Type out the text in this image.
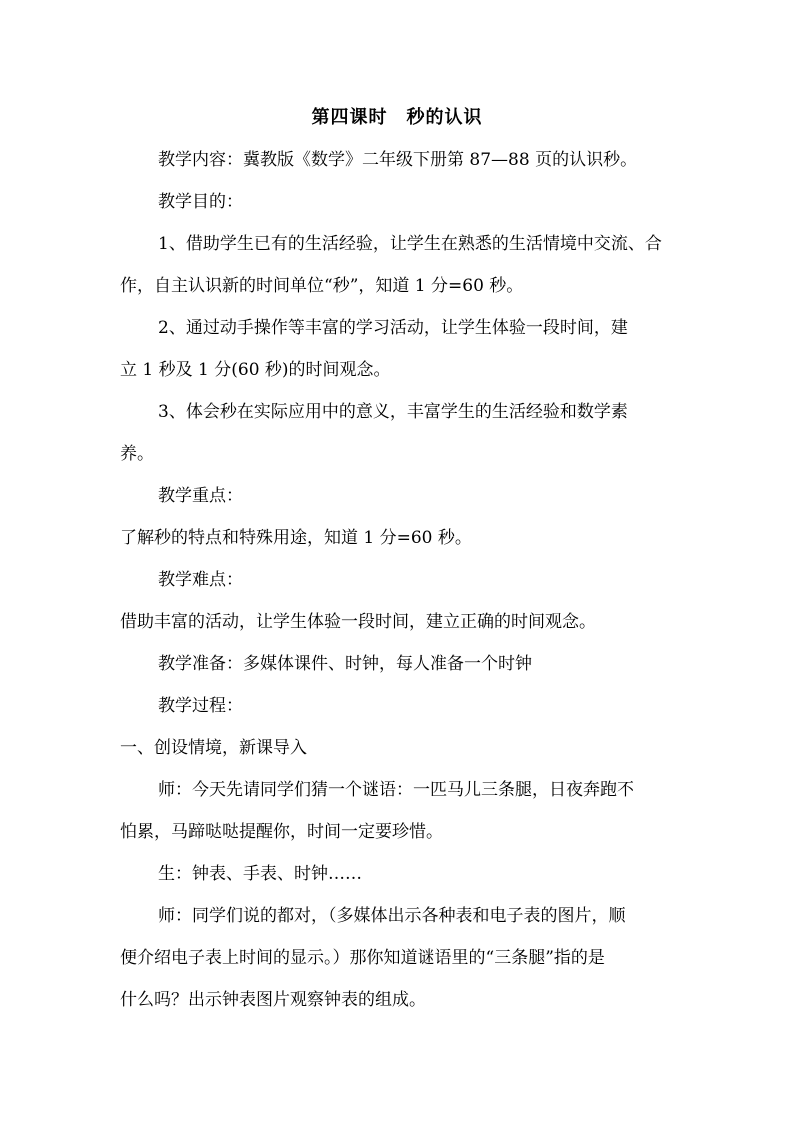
第四课时　秒的认识
教学内容：冀教版《数学》二年级下册第 87—88 页的认识秒。
教学目的：
1、借助学生已有的生活经验，让学生在熟悉的生活情境中交流、合
作，自主认识新的时间单位“秒”，知道 1 分=60 秒。
2、通过动手操作等丰富的学习活动，让学生体验一段时间，建
立 1 秒及 1 分(60 秒)的时间观念。
3、体会秒在实际应用中的意义，丰富学生的生活经验和数学素
养。
教学重点：
了解秒的特点和特殊用途，知道 1 分=60 秒。
教学难点：
借助丰富的活动，让学生体验一段时间，建立正确的时间观念。
教学准备：多媒体课件、时钟，每人准备一个时钟
教学过程：
一、创设情境，新课导入
师：今天先请同学们猜一个谜语：一匹马儿三条腿，日夜奔跑不
怕累，马蹄哒哒提醒你，时间一定要珍惜。
生：钟表、手表、时钟……
师：同学们说的都对，（多媒体出示各种表和电子表的图片，顺
便介绍电子表上时间的显示。）那你知道谜语里的“三条腿”指的是
什么吗？出示钟表图片观察钟表的组成。
